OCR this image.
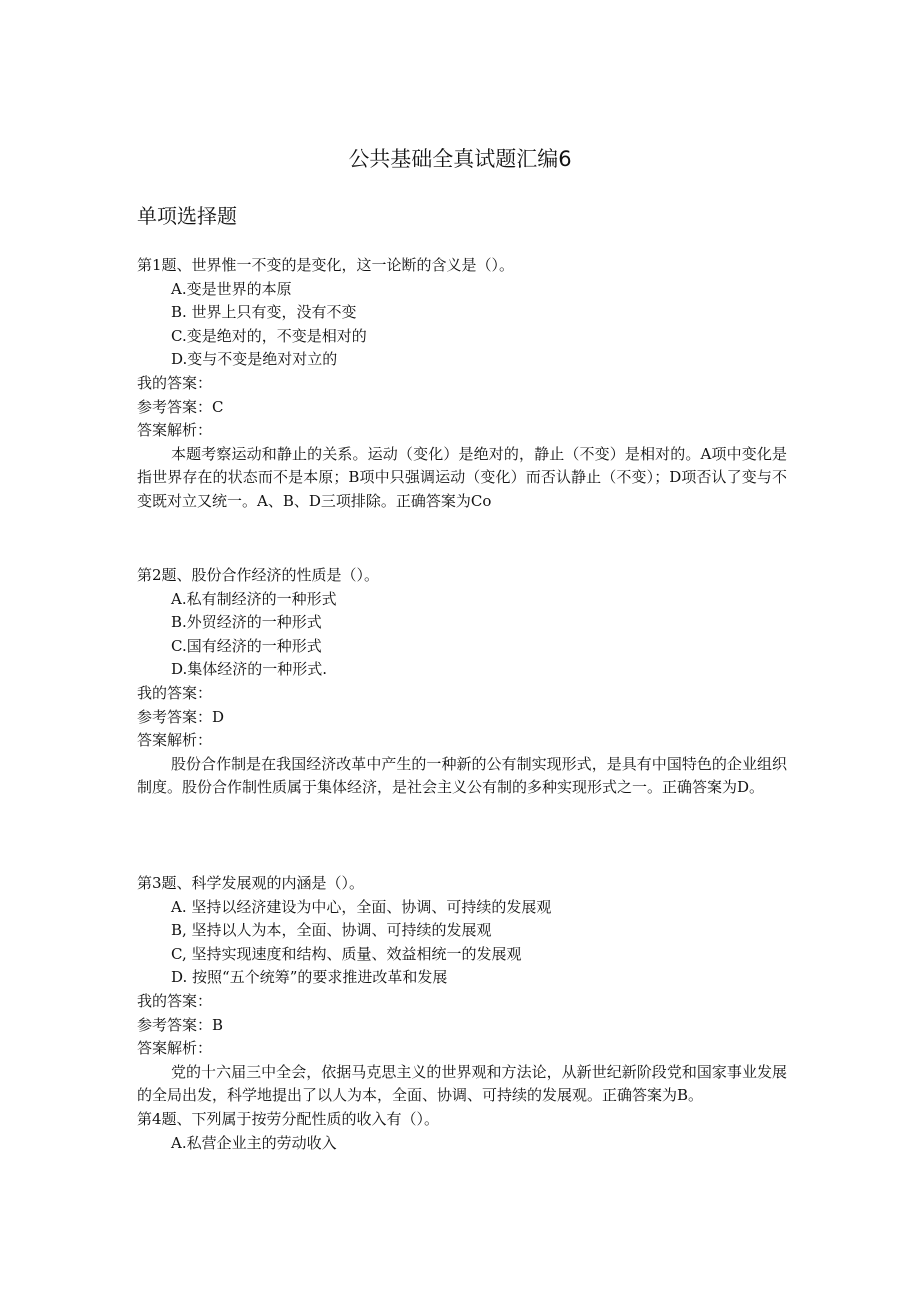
公共基础全真试题汇编6
单项选择题
第1题、世界惟一不变的是变化，这一论断的含义是（）。
A.变是世界的本原
B. 世界上只有变，没有不变
C.变是绝对的，不变是相对的
D.变与不变是绝对对立的
我的答案：
参考答案：C
答案解析：

本题考察运动和静止的关系。运动（变化）是绝对的，静止（不变）是相对的。A项中变化是指世界存在的状态而不是本原；B项中只强调运动（变化）而否认静止（不变）；D项否认了变与不变既对立又统一。A、B、D三项排除。正确答案为Co

第2题、股份合作经济的性质是（）。
A.私有制经济的一种形式
B.外贸经济的一种形式
C.国有经济的一种形式
D.集体经济的一种形式.
我的答案：
参考答案：D
答案解析：

股份合作制是在我国经济改革中产生的一种新的公有制实现形式，是具有中国特色的企业组织制度。股份合作制性质属于集体经济，是社会主义公有制的多种实现形式之一。正确答案为D。

第3题、科学发展观的内涵是（）。
A. 坚持以经济建设为中心，全面、协调、可持续的发展观
B, 坚持以人为本，全面、协调、可持续的发展观
C, 坚持实现速度和结构、质量、效益相统一的发展观
D. 按照“五个统筹”的要求推进改革和发展
我的答案：
参考答案：B
答案解析：

党的十六届三中全会，依据马克思主义的世界观和方法论，从新世纪新阶段党和国家事业发展的全局出发，科学地提出了以人为本，全面、协调、可持续的发展观。正确答案为B。

第4题、下列属于按劳分配性质的收入有（）。
A.私营企业主的劳动收入
